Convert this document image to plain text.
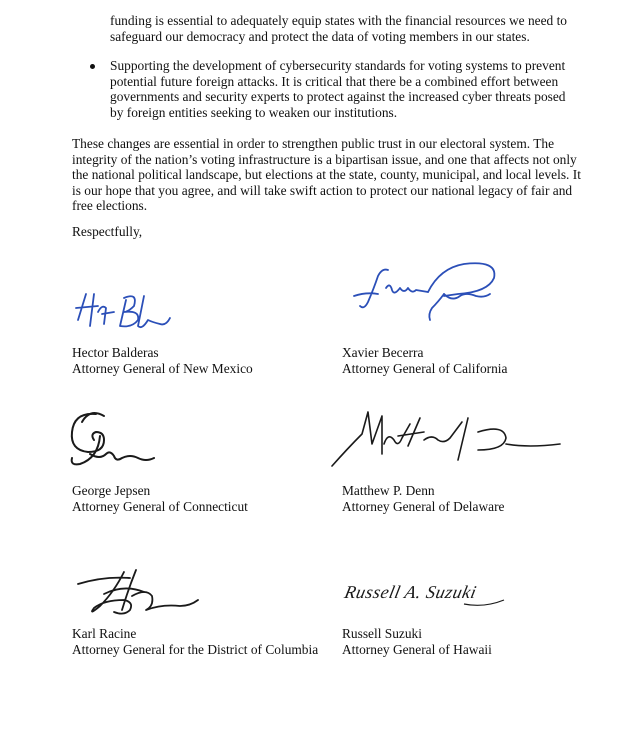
funding is essential to adequately equip states with the financial resources we need to safeguard our democracy and protect the data of voting members in our states.

Supporting the development of cybersecurity standards for voting systems to prevent potential future foreign attacks. It is critical that there be a combined effort between governments and security experts to protect against the increased cyber threats posed by foreign entities seeking to weaken our institutions.

These changes are essential in order to strengthen public trust in our electoral system. The integrity of the nation’s voting infrastructure is a bipartisan issue, and one that affects not only the national political landscape, but elections at the state, county, municipal, and local levels. It is our hope that you agree, and will take swift action to protect our national legacy of fair and free elections.

Respectfully,

Hector Balderas
Attorney General of New Mexico
Xavier Becerra
Attorney General of California
George Jepsen
Attorney General of Connecticut
Matthew P. Denn
Attorney General of Delaware
Russell A. Suzuki
Karl Racine
Attorney General for the District of Columbia
Russell Suzuki
Attorney General of Hawaii
